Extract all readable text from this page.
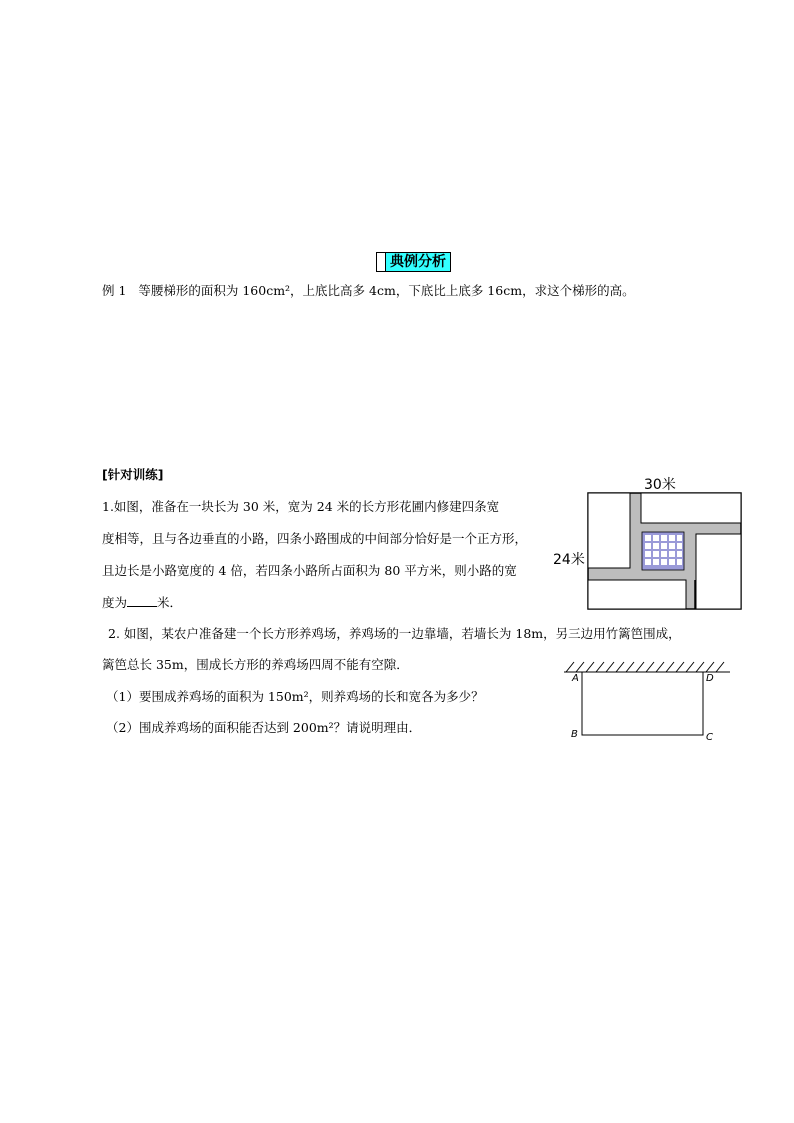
典例分析
例 1 等腰梯形的面积为 160cm²，上底比高多 4cm，下底比上底多 16cm，求这个梯形的高。
[针对训练]
1.如图，准备在一块长为 30 米，宽为 24 米的长方形花圃内修建四条宽
度相等，且与各边垂直的小路，四条小路围成的中间部分恰好是一个正方形，
且边长是小路宽度的 4 倍，若四条小路所占面积为 80 平方米，则小路的宽
度为 米．
2. 如图，某农户准备建一个长方形养鸡场，养鸡场的一边靠墙，若墙长为 18m，另三边用竹篱笆围成，
篱笆总长 35m，围成长方形的养鸡场四周不能有空隙．
（1）要围成养鸡场的面积为 150m²，则养鸡场的长和宽各为多少？
（2）围成养鸡场的面积能否达到 200m²？请说明理由．
30米
24米
A	D
B	C
